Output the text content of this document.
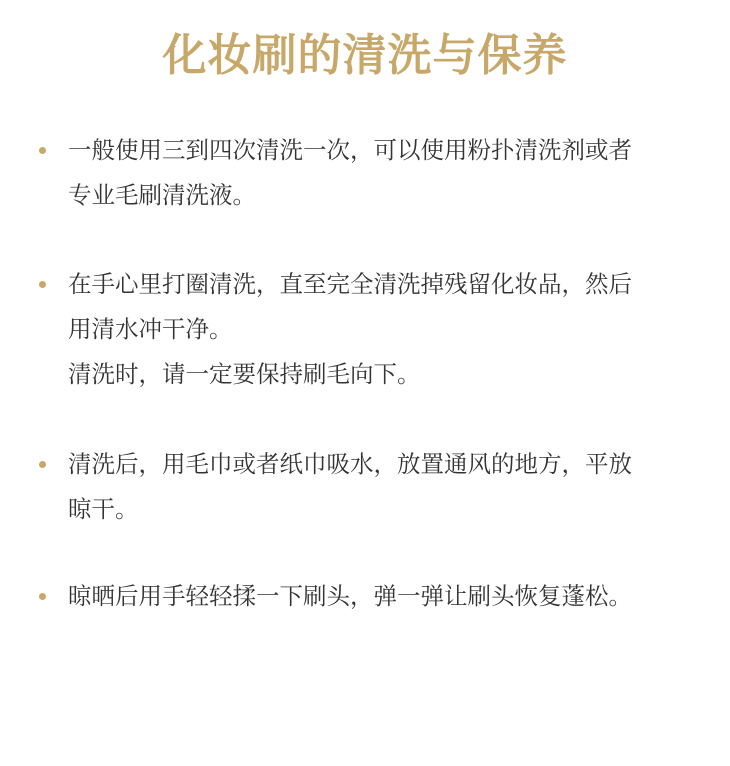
化妆刷的清洗与保养
一般使用三到四次清洗一次，可以使用粉扑清洗剂或者
专业毛刷清洗液。
在手心里打圈清洗，直至完全清洗掉残留化妆品，然后
用清水冲干净。
清洗时，请一定要保持刷毛向下。
清洗后，用毛巾或者纸巾吸水，放置通风的地方，平放
晾干。
晾晒后用手轻轻揉一下刷头，弹一弹让刷头恢复蓬松。
